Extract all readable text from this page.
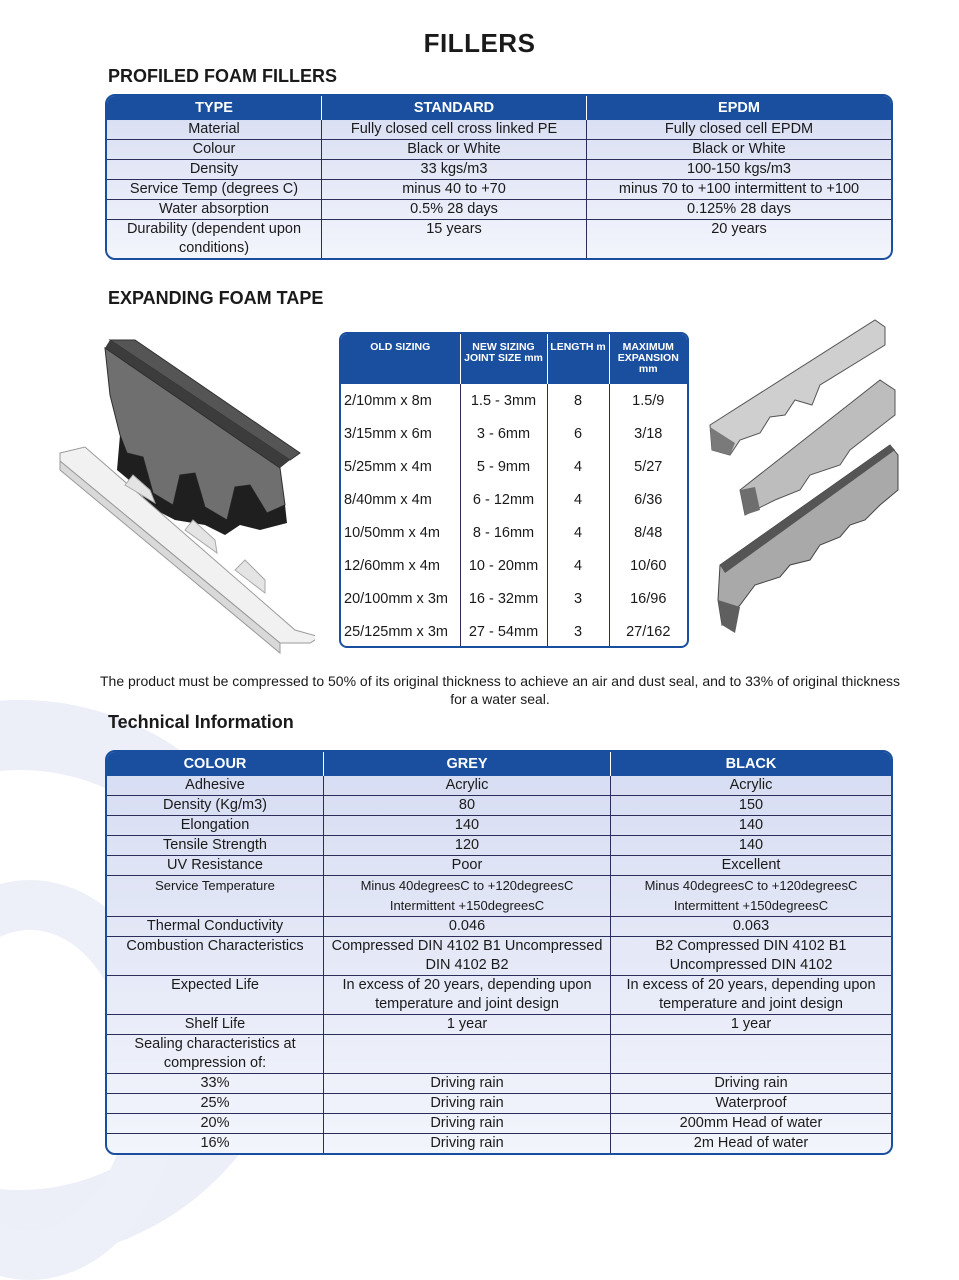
FILLERS
PROFILED FOAM FILLERS
TYPE	STANDARD	EPDM
Material	Fully closed cell cross linked PE	Fully closed cell EPDM
Colour	Black or White	Black or White
Density	33 kgs/m3	100-150 kgs/m3
Service Temp (degrees C)	minus 40 to +70	minus 70 to +100 intermittent to +100
Water absorption	0.5% 28 days	0.125% 28 days
Durability (dependent upon conditions)	15 years	20 years
EXPANDING FOAM TAPE
OLD SIZING	NEW SIZING JOINT SIZE mm	LENGTH m	MAXIMUM EXPANSION mm
2/10mm x 8m	1.5 - 3mm	8	1.5/9
3/15mm x 6m	3 - 6mm	6	3/18
5/25mm x 4m	5 - 9mm	4	5/27
8/40mm x 4m	6 - 12mm	4	6/36
10/50mm x 4m	8 - 16mm	4	8/48
12/60mm x 4m	10 - 20mm	4	10/60
20/100mm x 3m	16 - 32mm	3	16/96
25/125mm x 3m	27 - 54mm	3	27/162

The product must be compressed to 50% of its original thickness to achieve an air and dust seal, and to 33% of original thickness for a water seal.

Technical Information
COLOUR	GREY	BLACK
Adhesive	Acrylic	Acrylic
Density (Kg/m3)	80	150
Elongation	140	140
Tensile Strength	120	140
UV Resistance	Poor	Excellent
Service Temperature	Minus 40degreesC to +120degreesC Intermittent +150degreesC	Minus 40degreesC to +120degreesC Intermittent +150degreesC
Thermal Conductivity	0.046	0.063
Combustion Characteristics	Compressed DIN 4102 B1 Uncompressed DIN 4102 B2	B2 Compressed DIN 4102 B1 Uncompressed DIN 4102
Expected Life	In excess of 20 years, depending upon temperature and joint design	In excess of 20 years, depending upon temperature and joint design
Shelf Life	1 year	1 year
Sealing characteristics at compression of:		
33%	Driving rain	Driving rain
25%	Driving rain	Waterproof
20%	Driving rain	200mm Head of water
16%	Driving rain	2m Head of water
